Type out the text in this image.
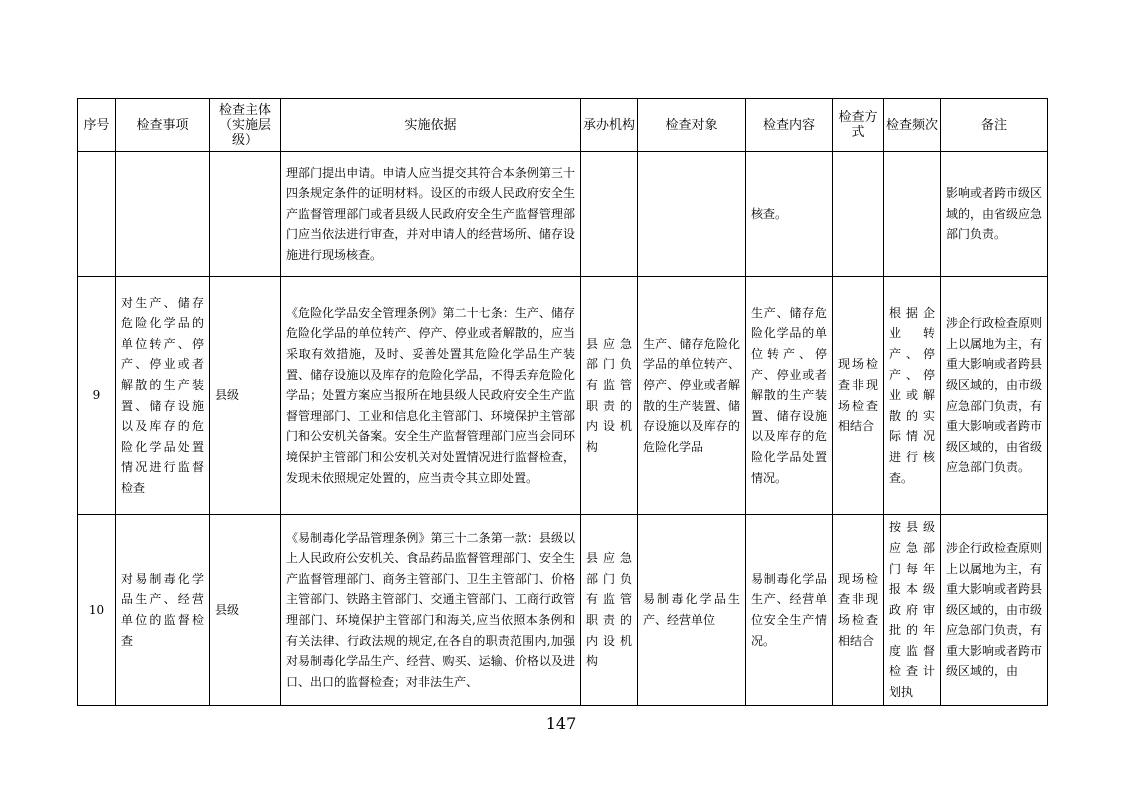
序号	检查事项	检查主体（实施层级）	实施依据	承办机构	检查对象	检查内容	检查方式	检查频次	备注
			理部门提出申请。申请人应当提交其符合本条例第三十四条规定条件的证明材料。设区的市级人民政府安全生产监督管理部门或者县级人民政府安全生产监督管理部门应当依法进行审查，并对申请人的经营场所、储存设施进行现场核查。			核查。			影响或者跨市级区域的，由省级应急部门负责。
9	对生产、储存危险化学品的单位转产、停产、停业或者解散的生产装置、储存设施以及库存的危险化学品处置情况进行监督检查	县级	《危险化学品安全管理条例》第二十七条：生产、储存危险化学品的单位转产、停产、停业或者解散的，应当采取有效措施，及时、妥善处置其危险化学品生产装置、储存设施以及库存的危险化学品，不得丢弃危险化学品；处置方案应当报所在地县级人民政府安全生产监督管理部门、工业和信息化主管部门、环境保护主管部门和公安机关备案。安全生产监督管理部门应当会同环境保护主管部门和公安机关对处置情况进行监督检查，发现未依照规定处置的，应当责令其立即处置。	县应急部门负有监管职责的内设机构	生产、储存危险化学品的单位转产、停产、停业或者解散的生产装置、储存设施以及库存的危险化学品	生产、储存危险化学品的单位转产、停产、停业或者解散的生产装置、储存设施以及库存的危险化学品处置情况。	现场检查非现场检查相结合	根据企业转产、停产、停业或解散的实际情况进行核查。	涉企行政检查原则上以属地为主，有重大影响或者跨县级区域的，由市级应急部门负责，有重大影响或者跨市级区域的，由省级应急部门负责。
10	对易制毒化学品生产、经营单位的监督检查	县级	《易制毒化学品管理条例》第三十二条第一款：县级以上人民政府公安机关、食品药品监督管理部门、安全生产监督管理部门、商务主管部门、卫生主管部门、价格主管部门、铁路主管部门、交通主管部门、工商行政管理部门、环境保护主管部门和海关,应当依照本条例和有关法律、行政法规的规定,在各自的职责范围内,加强对易制毒化学品生产、经营、购买、运输、价格以及进口、出口的监督检查；对非法生产、	县应急部门负有监管职责的内设机构	易制毒化学品生产、经营单位	易制毒化学品生产、经营单位安全生产情况。	现场检查非现场检查相结合	按县级应急部门每年报本级政府审批的年度监督检查计划执	涉企行政检查原则上以属地为主，有重大影响或者跨县级区域的，由市级应急部门负责，有重大影响或者跨市级区域的，由
147
